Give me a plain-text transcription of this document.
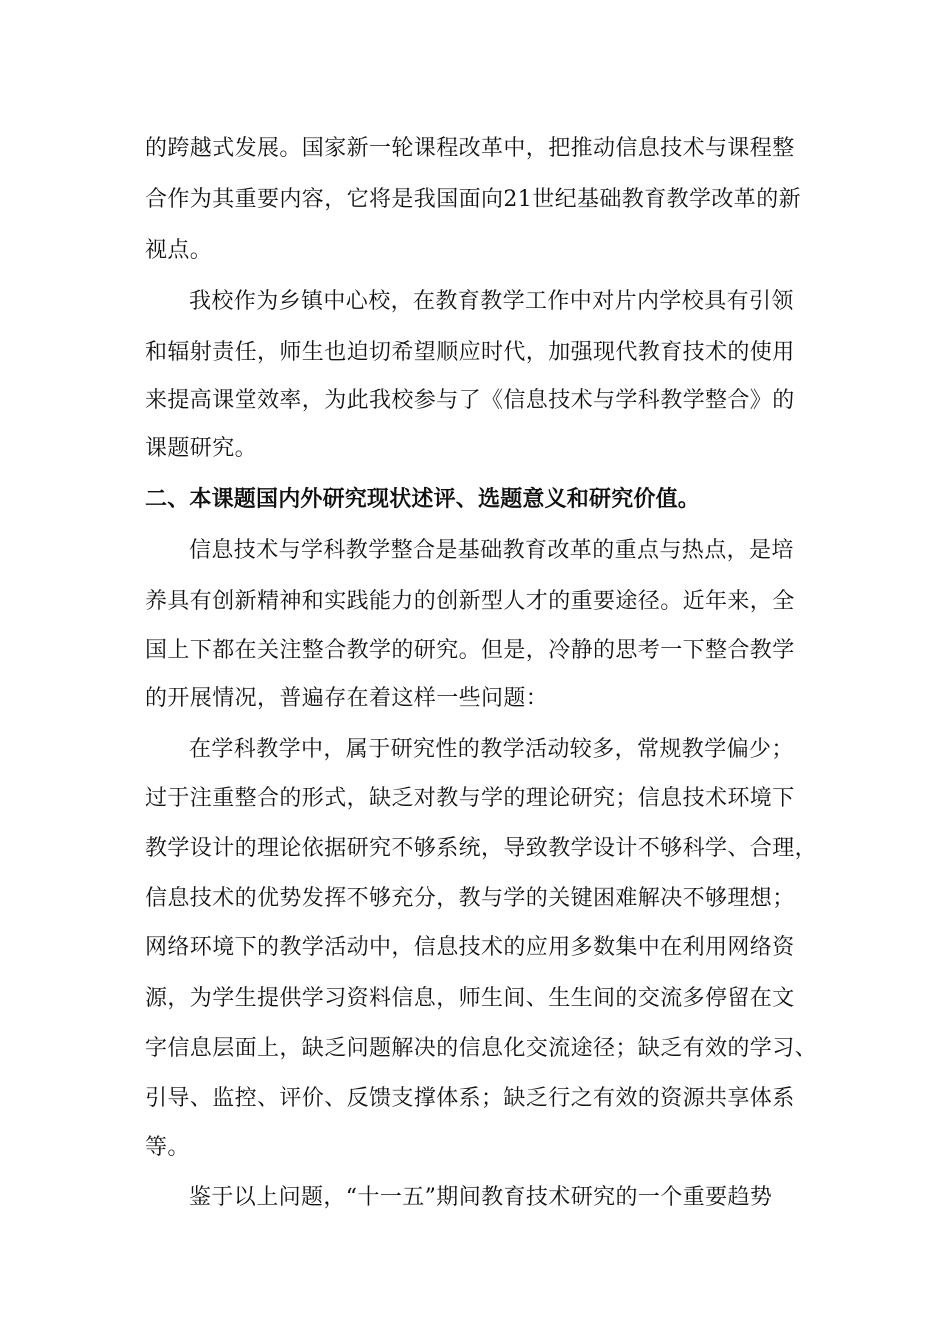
的跨越式发展。国家新一轮课程改革中，把推动信息技术与课程整
合作为其重要内容，它将是我国面向21世纪基础教育教学改革的新
视点。
我校作为乡镇中心校，在教育教学工作中对片内学校具有引领
和辐射责任，师生也迫切希望顺应时代，加强现代教育技术的使用
来提高课堂效率，为此我校参与了《信息技术与学科教学整合》的
课题研究。
二、本课题国内外研究现状述评、选题意义和研究价值。
信息技术与学科教学整合是基础教育改革的重点与热点，是培
养具有创新精神和实践能力的创新型人才的重要途径。近年来，全
国上下都在关注整合教学的研究。但是，冷静的思考一下整合教学
的开展情况，普遍存在着这样一些问题：
在学科教学中，属于研究性的教学活动较多，常规教学偏少；
过于注重整合的形式，缺乏对教与学的理论研究；信息技术环境下
教学设计的理论依据研究不够系统，导致教学设计不够科学、合理，
信息技术的优势发挥不够充分，教与学的关键困难解决不够理想；
网络环境下的教学活动中，信息技术的应用多数集中在利用网络资
源，为学生提供学习资料信息，师生间、生生间的交流多停留在文
字信息层面上，缺乏问题解决的信息化交流途径；缺乏有效的学习、
引导、监控、评价、反馈支撑体系；缺乏行之有效的资源共享体系
等。
鉴于以上问题，“十一五”期间教育技术研究的一个重要趋势
